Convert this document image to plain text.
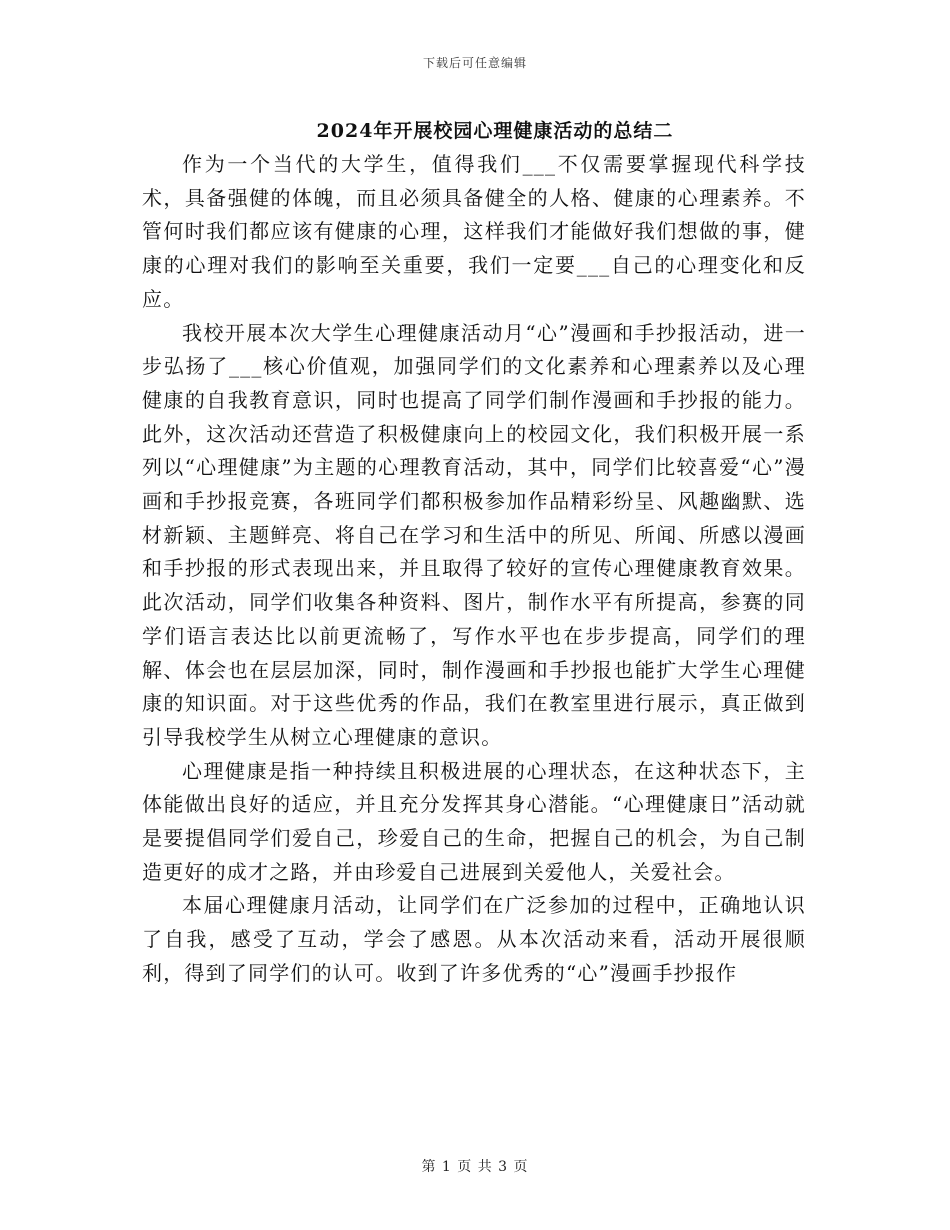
下载后可任意编辑
2024年开展校园心理健康活动的总结二

作为一个当代的大学生，值得我们___不仅需要掌握现代科学技术，具备强健的体魄，而且必须具备健全的人格、健康的心理素养。不管何时我们都应该有健康的心理，这样我们才能做好我们想做的事，健康的心理对我们的影响至关重要，我们一定要___自己的心理变化和反应。

我校开展本次大学生心理健康活动月“心”漫画和手抄报活动，进一步弘扬了___核心价值观，加强同学们的文化素养和心理素养以及心理健康的自我教育意识，同时也提高了同学们制作漫画和手抄报的能力。此外，这次活动还营造了积极健康向上的校园文化，我们积极开展一系列以“心理健康”为主题的心理教育活动，其中，同学们比较喜爱“心”漫画和手抄报竞赛，各班同学们都积极参加作品精彩纷呈、风趣幽默、选材新颖、主题鲜亮、将自己在学习和生活中的所见、所闻、所感以漫画和手抄报的形式表现出来，并且取得了较好的宣传心理健康教育效果。此次活动，同学们收集各种资料、图片，制作水平有所提高，参赛的同学们语言表达比以前更流畅了，写作水平也在步步提高，同学们的理解、体会也在层层加深，同时，制作漫画和手抄报也能扩大学生心理健康的知识面。对于这些优秀的作品，我们在教室里进行展示，真正做到引导我校学生从树立心理健康的意识。

心理健康是指一种持续且积极进展的心理状态，在这种状态下，主体能做出良好的适应，并且充分发挥其身心潜能。“心理健康日”活动就是要提倡同学们爱自己，珍爱自己的生命，把握自己的机会，为自己制造更好的成才之路，并由珍爱自己进展到关爱他人，关爱社会。

本届心理健康月活动，让同学们在广泛参加的过程中，正确地认识了自我，感受了互动，学会了感恩。从本次活动来看，活动开展很顺利，得到了同学们的认可。收到了许多优秀的“心”漫画手抄报作

第 1 页 共 3 页
